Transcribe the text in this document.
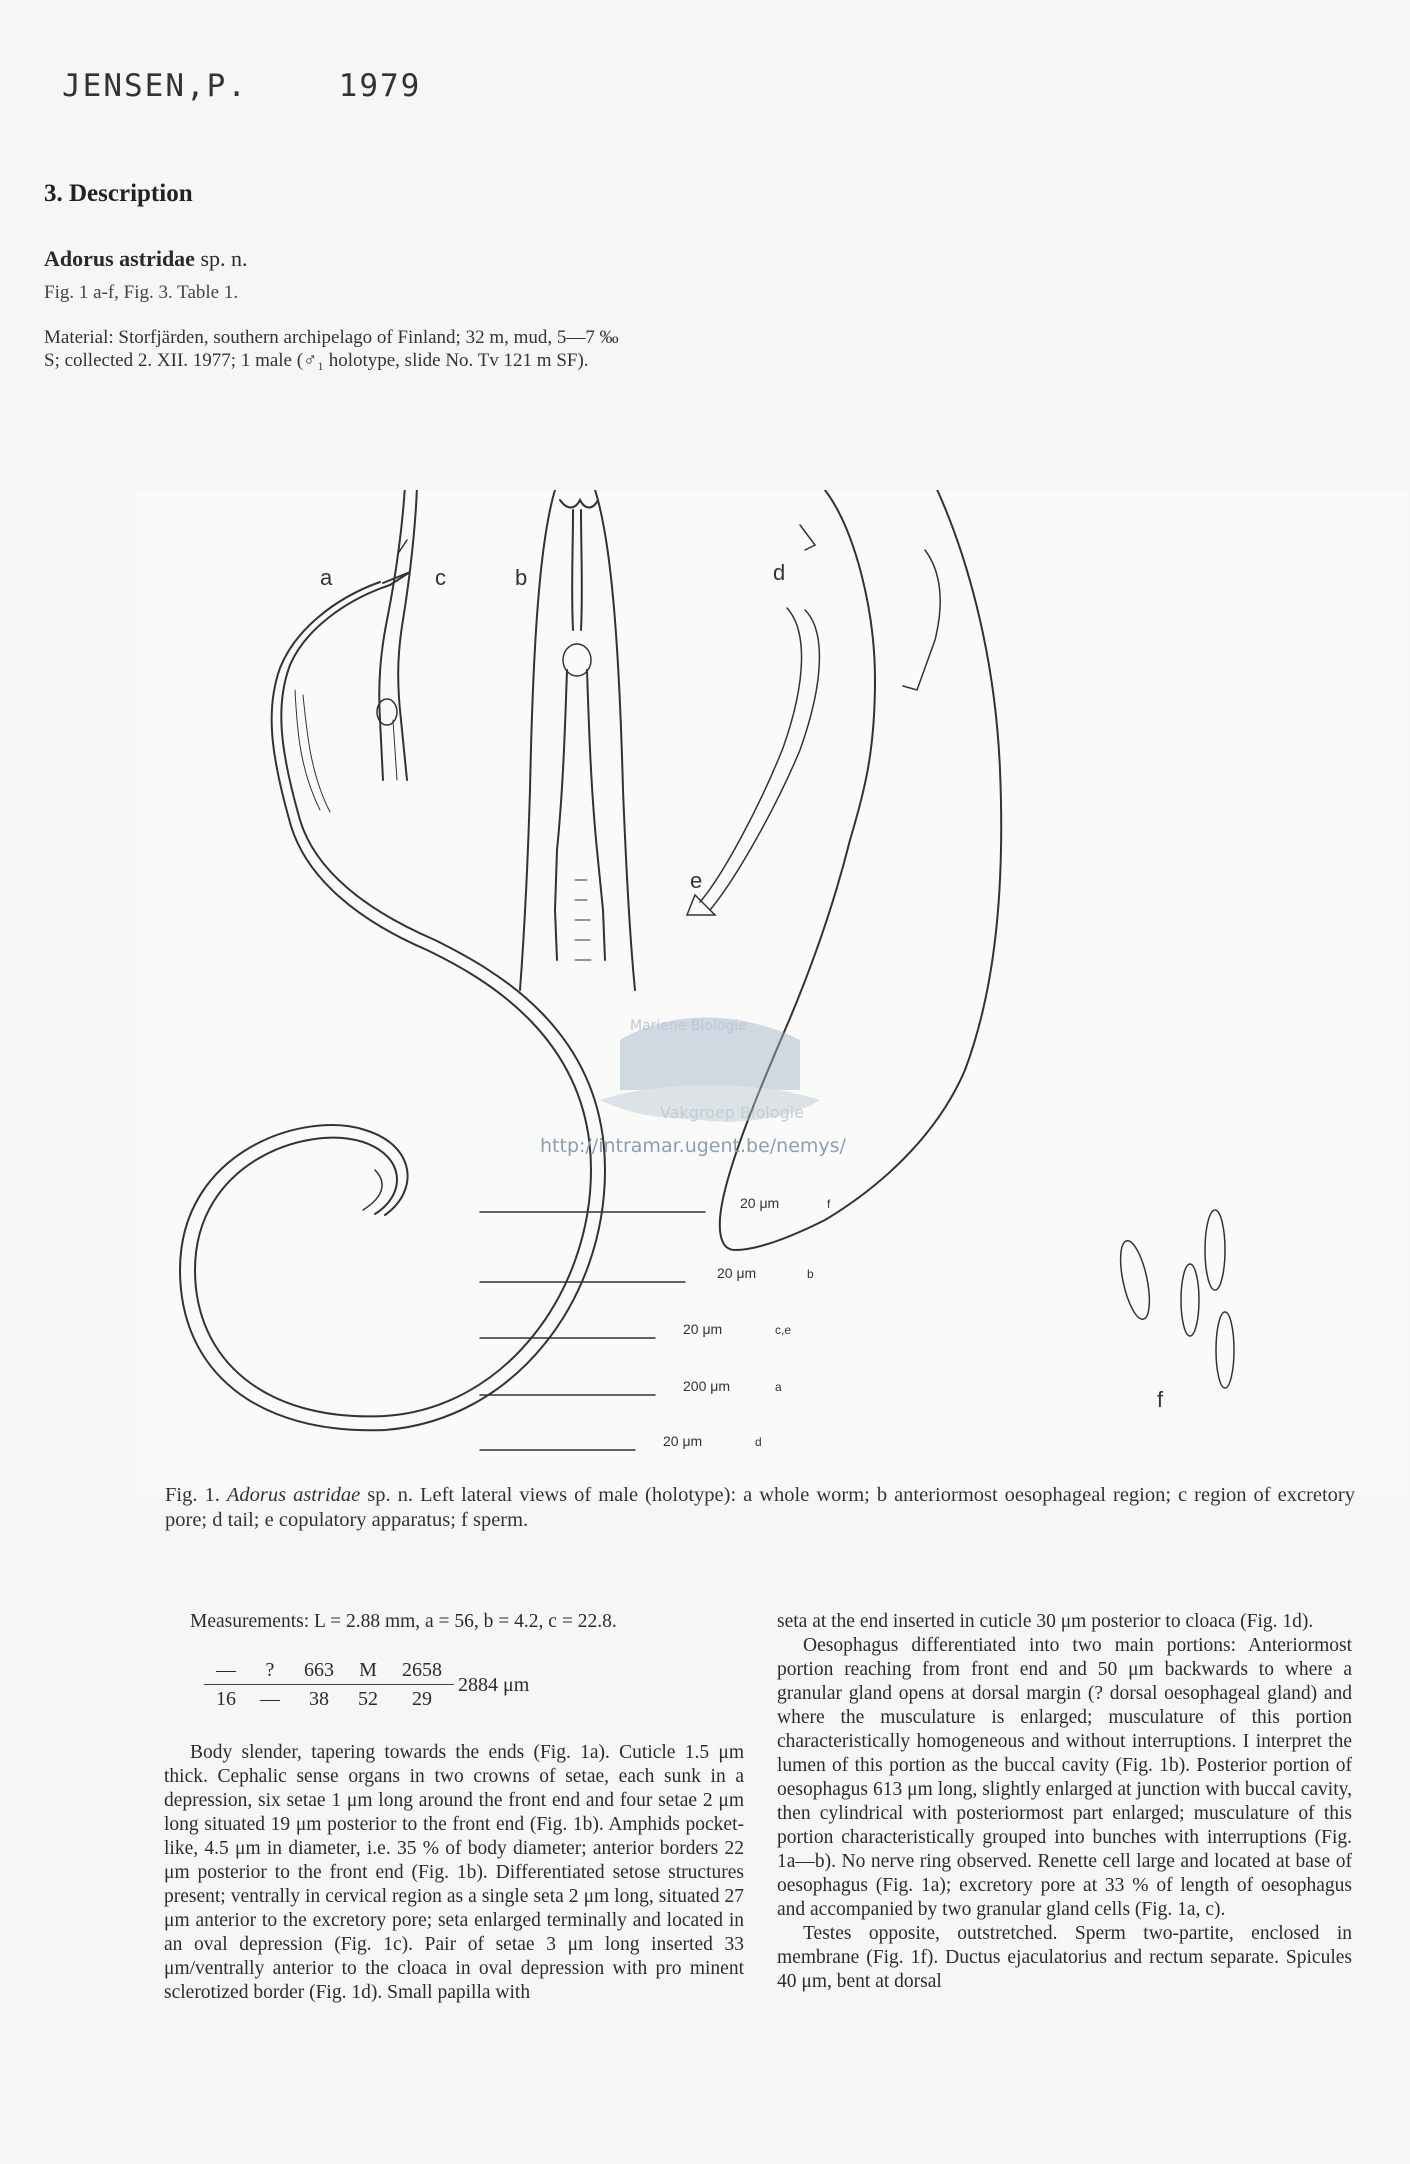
JENSEN,P.	1979
3. Description
Adorus astridae sp. n.
Fig. 1 a-f, Fig. 3. Table 1.
Material: Storfjärden, southern archipelago of Finland; 32 m, mud, 5—7 ‰ S; collected 2. XII. 1977; 1 male (♂₁ holotype, slide No. Tv 121 m SF).
a	c	b	d
e
f
20 μm
20 μm
20 μm
200 μm
20 μm
f
b
c,e
a
d
Mariene Biologie
Vakgroep Biologie
http://intramar.ugent.be/nemys/
Fig. 1. Adorus astridae sp. n. Left lateral views of male (holotype): a whole worm; b anteriormost oesophageal region; c region of excretory pore; d tail; e copulatory apparatus; f sperm.

Measurements: L = 2.88 mm, a = 56, b = 4.2, c = 22.8.

—	?	663	M	2658	2884 μm
16	—	38	52	29	

Body slender, tapering towards the ends (Fig. 1a). Cuticle 1.5 μm thick. Cephalic sense organs in two crowns of setae, each sunk in a depression, six setae 1 μm long around the front end and four setae 2 μm long situated 19 μm posterior to the front end (Fig. 1b). Amphids pocket-like, 4.5 μm in diameter, i.e. 35 % of body diameter; anterior borders 22 μm posterior to the front end (Fig. 1b). Differentiated setose structures present; ventrally in cervical region as a single seta 2 μm long, situated 27 μm anterior to the excretory pore; seta enlarged terminally and located in an oval depression (Fig. 1c). Pair of setae 3 μm long inserted 33 μm/ventrally anterior to the cloaca in oval depression with pro minent sclerotized border (Fig. 1d). Small papilla with

seta at the end inserted in cuticle 30 μm posterior to cloaca (Fig. 1d).

Oesophagus differentiated into two main portions: Anteriormost portion reaching from front end and 50 μm backwards to where a granular gland opens at dorsal margin (? dorsal oesophageal gland) and where the musculature is enlarged; musculature of this portion characteristically homogeneous and without interruptions. I interpret the lumen of this portion as the buccal cavity (Fig. 1b). Posterior portion of oesophagus 613 μm long, slightly enlarged at junction with buccal cavity, then cylindrical with posteriormost part enlarged; musculature of this portion characteristically grouped into bunches with interruptions (Fig. 1a—b). No nerve ring observed. Renette cell large and located at base of oesophagus (Fig. 1a); excretory pore at 33 % of length of oesophagus and accompanied by two granular gland cells (Fig. 1a, c).

Testes opposite, outstretched. Sperm two-partite, enclosed in membrane (Fig. 1f). Ductus ejaculatorius and rectum separate. Spicules 40 μm, bent at dorsal
